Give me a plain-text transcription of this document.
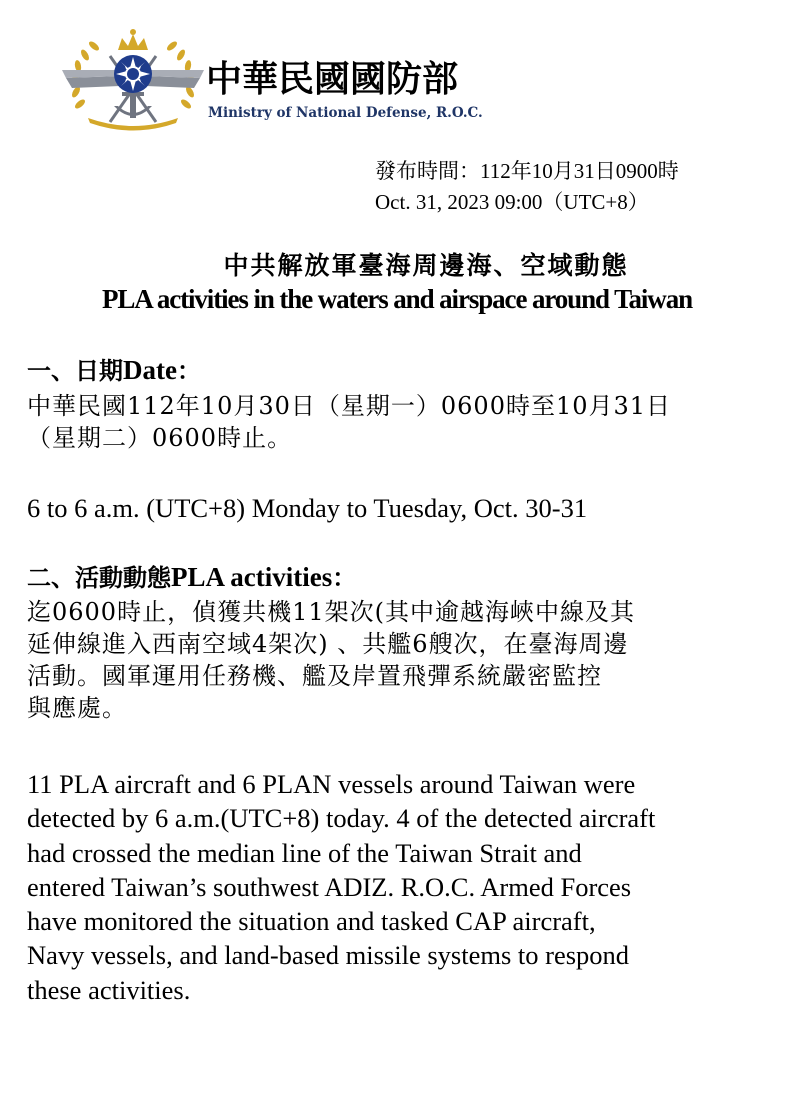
中華民國國防部
Ministry of National Defense, R.O.C.
發布時間：112年10月31日0900時
Oct. 31, 2023 09:00（UTC+8）
中共解放軍臺海周邊海、空域動態
PLA activities in the waters and airspace around Taiwan
一、日期Date：
中華民國112年10月30日（星期一）0600時至10月31日
（星期二）0600時止。
6 to 6 a.m. (UTC+8) Monday to Tuesday, Oct. 30-31
二、活動動態PLA activities：
迄0600時止，偵獲共機11架次(其中逾越海峽中線及其
延伸線進入西南空域4架次) 、共艦6艘次，在臺海周邊
活動。國軍運用任務機、艦及岸置飛彈系統嚴密監控
與應處。
11 PLA aircraft and 6 PLAN vessels around Taiwan were
detected by 6 a.m.(UTC+8) today. 4 of the detected aircraft
had crossed the median line of the Taiwan Strait and
entered Taiwan’s southwest ADIZ. R.O.C. Armed Forces
have monitored the situation and tasked CAP aircraft,
Navy vessels, and land-based missile systems to respond
these activities.
